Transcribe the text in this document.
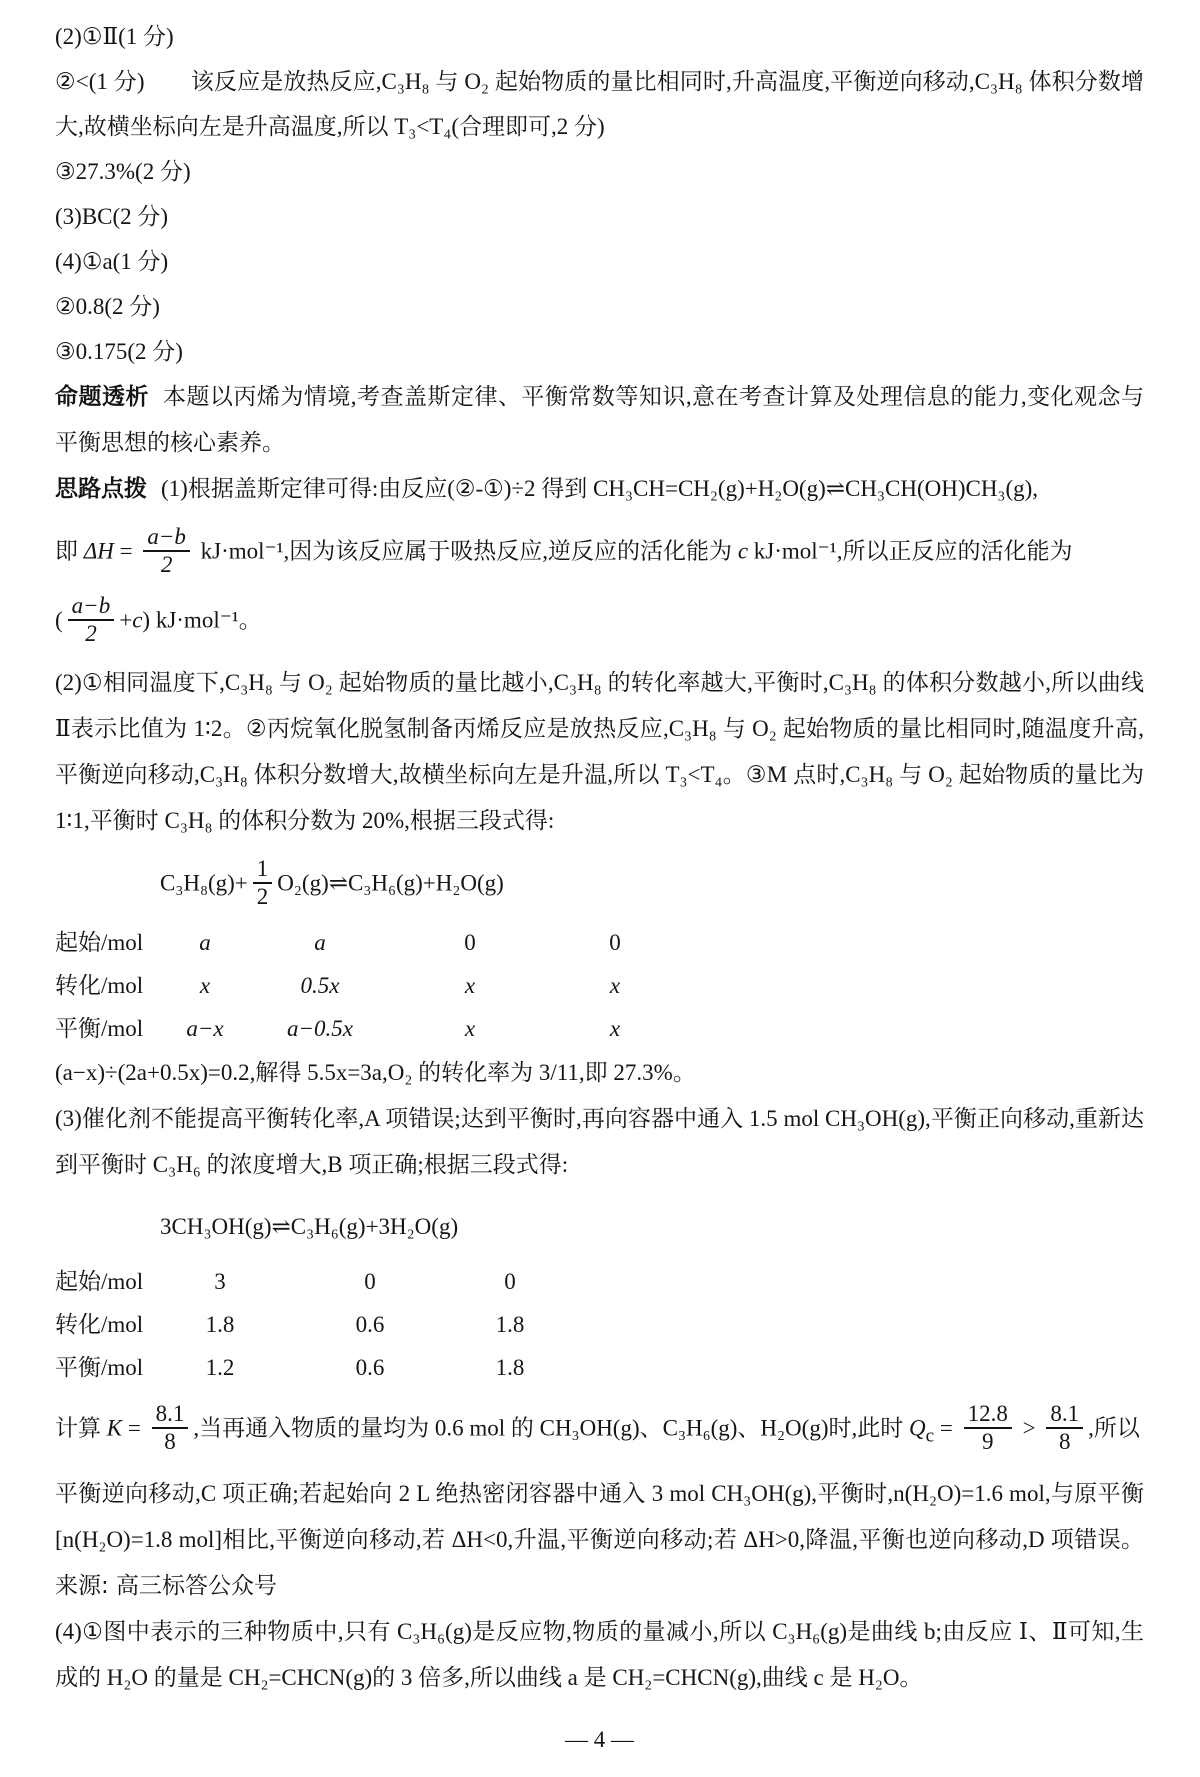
(2)①Ⅱ(1 分)

②<(1 分)　　该反应是放热反应,C₃H₈ 与 O₂ 起始物质的量比相同时,升高温度,平衡逆向移动,C₃H₈ 体积分数增大,故横坐标向左是升高温度,所以 T₃<T₄(合理即可,2 分)

③27.3%(2 分)

(3)BC(2 分)

(4)①a(1 分)

②0.8(2 分)

③0.175(2 分)

命题透析 本题以丙烯为情境,考查盖斯定律、平衡常数等知识,意在考查计算及处理信息的能力,变化观念与平衡思想的核心素养。

思路点拨 (1)根据盖斯定律可得:由反应(②-①)÷2 得到 CH₃CH=CH₂(g)+H₂O(g)⇌CH₃CH(OH)CH₃(g),

即 $\Delta H = \frac{a-b}{2} kJ\cdot mol^{-1}$,因为该反应属于吸热反应,逆反应的活化能为 c kJ·mol⁻¹,所以正反应的活化能为

( $\frac{a-b}{2} +c$) kJ·mol⁻¹。

(2)①相同温度下,C₃H₈ 与 O₂ 起始物质的量比越小,C₃H₈ 的转化率越大,平衡时,C₃H₈ 的体积分数越小,所以曲线Ⅱ表示比值为 1∶2。②丙烷氧化脱氢制备丙烯反应是放热反应,C₃H₈ 与 O₂ 起始物质的量比相同时,随温度升高,平衡逆向移动,C₃H₈ 体积分数增大,故横坐标向左是升温,所以 T₃<T₄。③M 点时,C₃H₈ 与 O₂ 起始物质的量比为 1∶1,平衡时 C₃H₈ 的体积分数为 20%,根据三段式得:

$C_3H_8(g)+ \frac{1}{2}$ O₂(g)⇌C₃H₆(g)+H₂O(g)

起始/mol	a	a	0	0
转化/mol	x	0.5x	x	x
平衡/mol	a−x	a−0.5x	x	x

(a−x)÷(2a+0.5x)=0.2,解得 5.5x=3a,O₂ 的转化率为 3/11,即 27.3%。

(3)催化剂不能提高平衡转化率,A 项错误;达到平衡时,再向容器中通入 1.5 mol CH₃OH(g),平衡正向移动,重新达到平衡时 C₃H₆ 的浓度增大,B 项正确;根据三段式得:

3CH₃OH(g)⇌C₃H₆(g)+3H₂O(g)

起始/mol	3	0	0
转化/mol	1.8	0.6	1.8
平衡/mol	1.2	0.6	1.8

计算 $K = \frac{8.1}{8}$ ,当再通入物质的量均为 0.6 mol 的 CH₃OH(g)、C₃H₆(g)、H₂O(g)时,此时 $Q_c = \frac{12.8}{9} > \frac{8.1}{8}$ ,所以

平衡逆向移动,C 项正确;若起始向 2 L 绝热密闭容器中通入 3 mol CH₃OH(g),平衡时,n(H₂O)=1.6 mol,与原平衡[n(H₂O)=1.8 mol]相比,平衡逆向移动,若 ΔH<0,升温,平衡逆向移动;若 ΔH>0,降温,平衡也逆向移动,D 项错误。来源: 高三标答公众号

(4)①图中表示的三种物质中,只有 C₃H₆(g)是反应物,物质的量减小,所以 C₃H₆(g)是曲线 b;由反应 Ⅰ、Ⅱ可知,生成的 H₂O 的量是 CH₂=CHCN(g)的 3 倍多,所以曲线 a 是 CH₂=CHCN(g),曲线 c 是 H₂O。

— 4 —
